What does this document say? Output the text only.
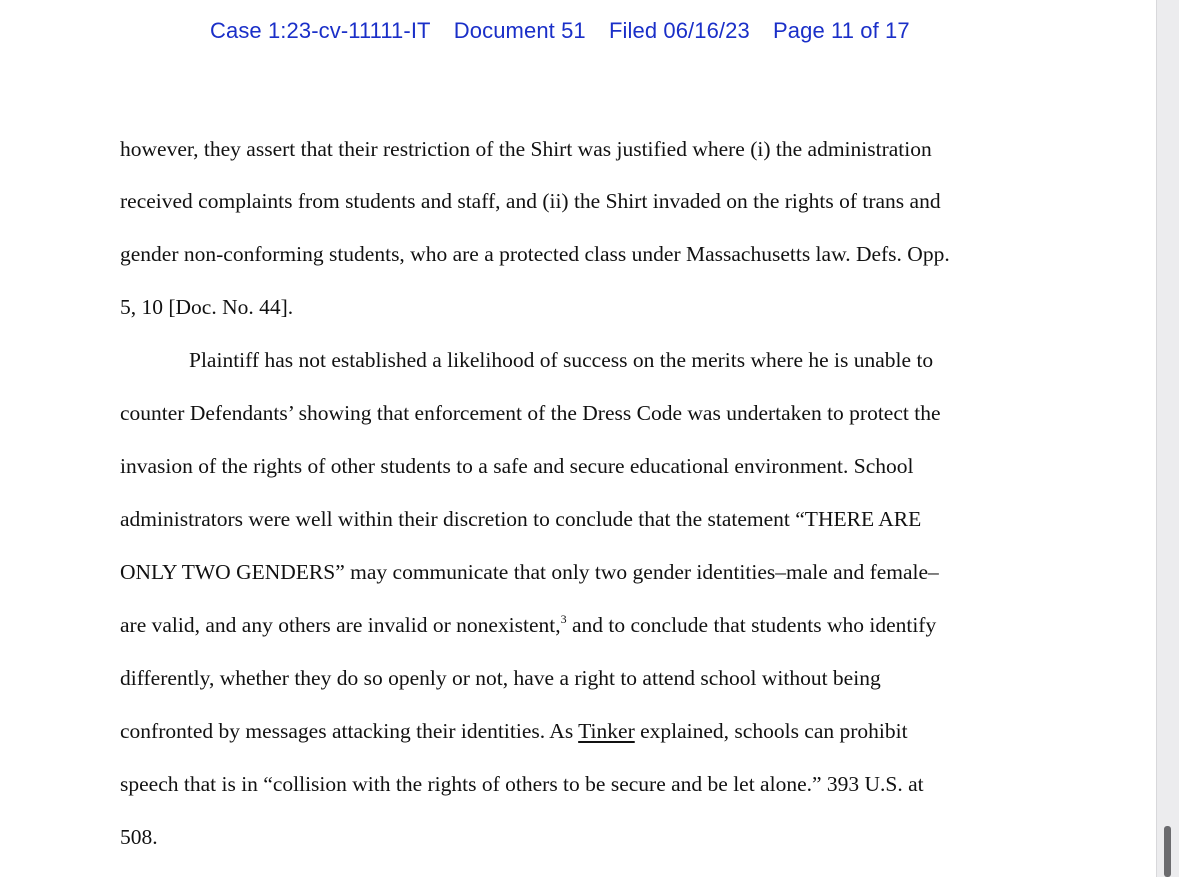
Case 1:23-cv-11111-IT Document 51 Filed 06/16/23 Page 11 of 17
however, they assert that their restriction of the Shirt was justified where (i) the administration
received complaints from students and staff, and (ii) the Shirt invaded on the rights of trans and
gender non-conforming students, who are a protected class under Massachusetts law. Defs. Opp.
5, 10 [Doc. No. 44].
Plaintiff has not established a likelihood of success on the merits where he is unable to
counter Defendants’ showing that enforcement of the Dress Code was undertaken to protect the
invasion of the rights of other students to a safe and secure educational environment. School
administrators were well within their discretion to conclude that the statement “THERE ARE
ONLY TWO GENDERS” may communicate that only two gender identities–male and female–
are valid, and any others are invalid or nonexistent,$^3$ and to conclude that students who identify
differently, whether they do so openly or not, have a right to attend school without being
confronted by messages attacking their identities. As Tinker explained, schools can prohibit
speech that is in “collision with the rights of others to be secure and be let alone.” 393 U.S. at
508.
